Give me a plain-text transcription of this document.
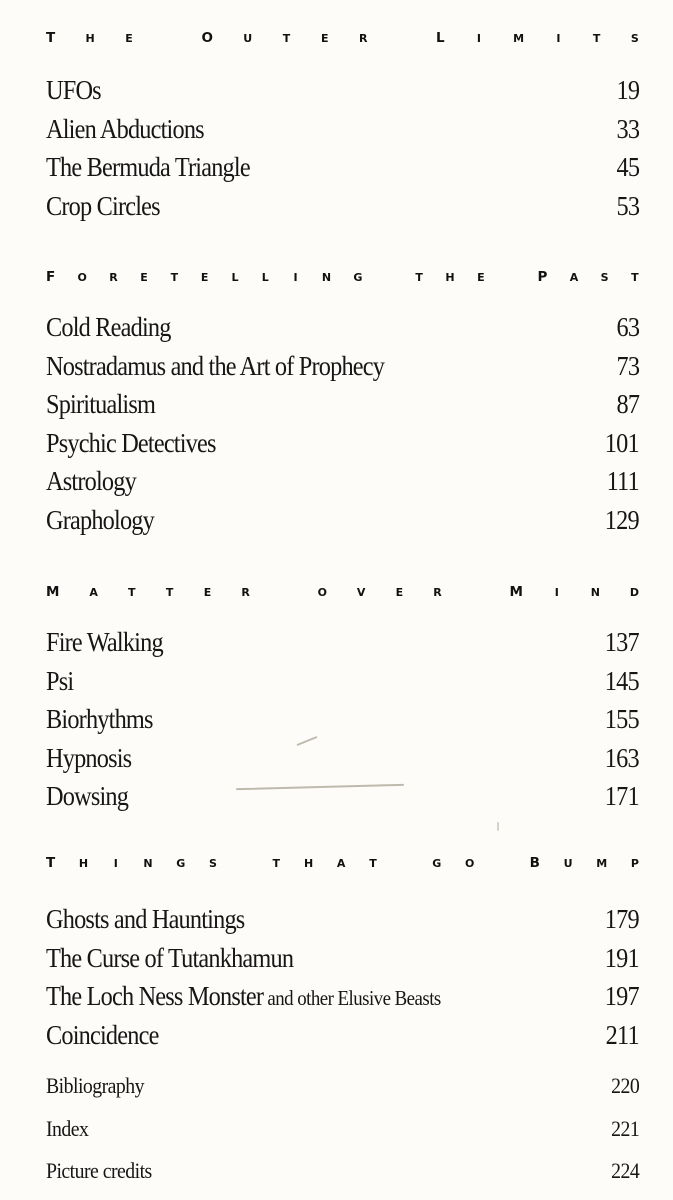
T	H	E
	O	U	T	E	R
	L	I	M	I	T	S
UFOs	19
Alien Abductions	33
The Bermuda Triangle	45
Crop Circles	53
F O R E T E L L I N G
	T H E
	P A S T
Cold Reading	63
Nostradamus and the Art of Prophecy	73
Spiritualism	87
Psychic Detectives	101
Astrology	111
Graphology	129
M	A	T	T	E	R
	O	V	E	R
	M	I	N	D
Fire Walking	137
Psi	145
Biorhythms	155
Hypnosis	163
Dowsing	171
T H I N G S
	T H A T
	G O
	B U M P
Ghosts and Hauntings	179
The Curse of Tutankhamun	191
The Loch Ness Monster and other Elusive Beasts	197
Coincidence	211
Bibliography	220
Index	221
Picture credits	224
